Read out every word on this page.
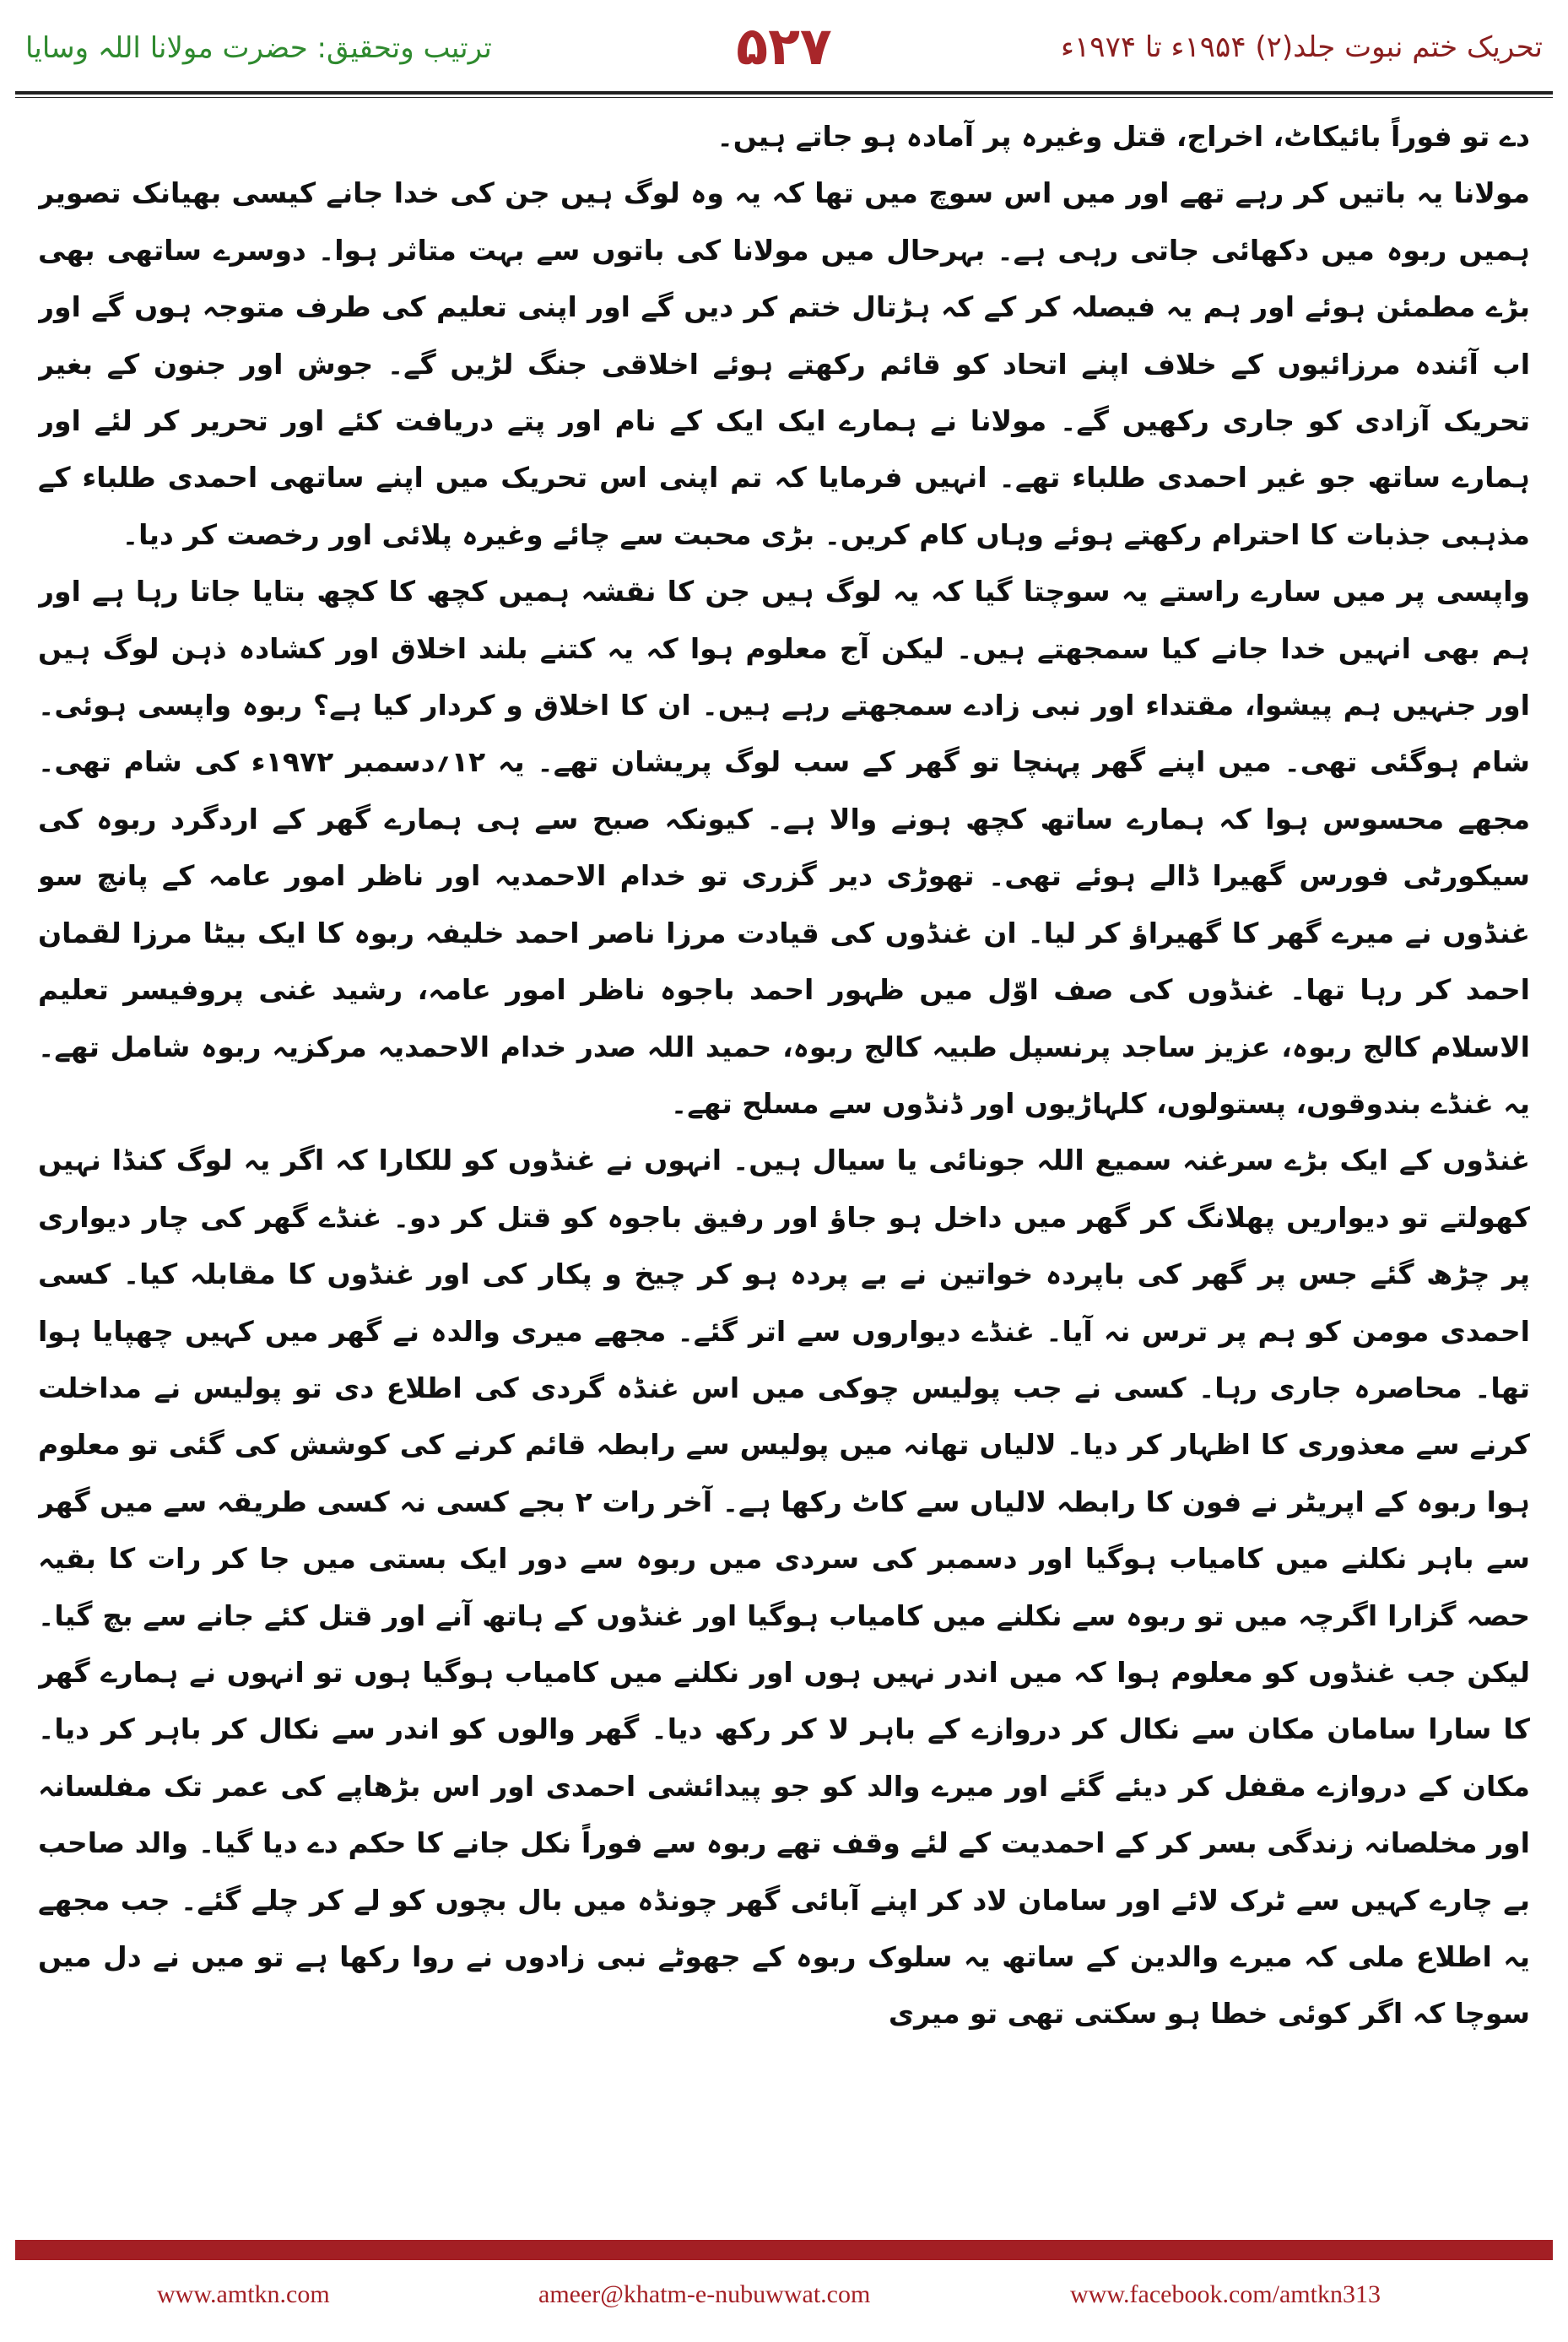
ترتیب وتحقیق: حضرت مولانا اللہ وسایا	۵۲۷	تحریک ختم نبوت جلد(۲) ۱۹۵۴ء تا ۱۹۷۴ء

دے تو فوراً بائیکاٹ، اخراج، قتل وغیرہ پر آمادہ ہو جاتے ہیں۔

مولانا یہ باتیں کر رہے تھے اور میں اس سوچ میں تھا کہ یہ وہ لوگ ہیں جن کی خدا جانے کیسی بھیانک تصویر ہمیں ربوہ میں دکھائی جاتی رہی ہے۔ بہرحال میں مولانا کی باتوں سے بہت متاثر ہوا۔ دوسرے ساتھی بھی بڑے مطمئن ہوئے اور ہم یہ فیصلہ کر کے کہ ہڑتال ختم کر دیں گے اور اپنی تعلیم کی طرف متوجہ ہوں گے اور اب آئندہ مرزائیوں کے خلاف اپنے اتحاد کو قائم رکھتے ہوئے اخلاقی جنگ لڑیں گے۔ جوش اور جنون کے بغیر تحریک آزادی کو جاری رکھیں گے۔ مولانا نے ہمارے ایک ایک کے نام اور پتے دریافت کئے اور تحریر کر لئے اور ہمارے ساتھ جو غیر احمدی طلباء تھے۔ انہیں فرمایا کہ تم اپنی اس تحریک میں اپنے ساتھی احمدی طلباء کے مذہبی جذبات کا احترام رکھتے ہوئے وہاں کام کریں۔ بڑی محبت سے چائے وغیرہ پلائی اور رخصت کر دیا۔

واپسی پر میں سارے راستے یہ سوچتا گیا کہ یہ لوگ ہیں جن کا نقشہ ہمیں کچھ کا کچھ بتایا جاتا رہا ہے اور ہم بھی انہیں خدا جانے کیا سمجھتے ہیں۔ لیکن آج معلوم ہوا کہ یہ کتنے بلند اخلاق اور کشادہ ذہن لوگ ہیں اور جنہیں ہم پیشوا، مقتداء اور نبی زادے سمجھتے رہے ہیں۔ ان کا اخلاق و کردار کیا ہے؟ ربوہ واپسی ہوئی۔ شام ہوگئی تھی۔ میں اپنے گھر پہنچا تو گھر کے سب لوگ پریشان تھے۔ یہ ۱۲؍دسمبر ۱۹۷۲ء کی شام تھی۔ مجھے محسوس ہوا کہ ہمارے ساتھ کچھ ہونے والا ہے۔ کیونکہ صبح سے ہی ہمارے گھر کے اردگرد ربوہ کی سیکورٹی فورس گھیرا ڈالے ہوئے تھی۔ تھوڑی دیر گزری تو خدام الاحمدیہ اور ناظر امور عامہ کے پانچ سو غنڈوں نے میرے گھر کا گھیراؤ کر لیا۔ ان غنڈوں کی قیادت مرزا ناصر احمد خلیفہ ربوہ کا ایک بیٹا مرزا لقمان احمد کر رہا تھا۔ غنڈوں کی صف اوّل میں ظہور احمد باجوہ ناظر امور عامہ، رشید غنی پروفیسر تعلیم الاسلام کالج ربوہ، عزیز ساجد پرنسپل طبیہ کالج ربوہ، حمید اللہ صدر خدام الاحمدیہ مرکزیہ ربوہ شامل تھے۔ یہ غنڈے بندوقوں، پستولوں، کلہاڑیوں اور ڈنڈوں سے مسلح تھے۔

غنڈوں کے ایک بڑے سرغنہ سمیع اللہ جونائی یا سیال ہیں۔ انہوں نے غنڈوں کو للکارا کہ اگر یہ لوگ کنڈا نہیں کھولتے تو دیواریں پھلانگ کر گھر میں داخل ہو جاؤ اور رفیق باجوہ کو قتل کر دو۔ غنڈے گھر کی چار دیواری پر چڑھ گئے جس پر گھر کی باپردہ خواتین نے بے پردہ ہو کر چیخ و پکار کی اور غنڈوں کا مقابلہ کیا۔ کسی احمدی مومن کو ہم پر ترس نہ آیا۔ غنڈے دیواروں سے اتر گئے۔ مجھے میری والدہ نے گھر میں کہیں چھپایا ہوا تھا۔ محاصرہ جاری رہا۔ کسی نے جب پولیس چوکی میں اس غنڈہ گردی کی اطلاع دی تو پولیس نے مداخلت کرنے سے معذوری کا اظہار کر دیا۔ لالیاں تھانہ میں پولیس سے رابطہ قائم کرنے کی کوشش کی گئی تو معلوم ہوا ربوہ کے اپریٹر نے فون کا رابطہ لالیاں سے کاٹ رکھا ہے۔ آخر رات ۲ بجے کسی نہ کسی طریقہ سے میں گھر سے باہر نکلنے میں کامیاب ہوگیا اور دسمبر کی سردی میں ربوہ سے دور ایک بستی میں جا کر رات کا بقیہ حصہ گزارا اگرچہ میں تو ربوہ سے نکلنے میں کامیاب ہوگیا اور غنڈوں کے ہاتھ آنے اور قتل کئے جانے سے بچ گیا۔ لیکن جب غنڈوں کو معلوم ہوا کہ میں اندر نہیں ہوں اور نکلنے میں کامیاب ہوگیا ہوں تو انہوں نے ہمارے گھر کا سارا سامان مکان سے نکال کر دروازے کے باہر لا کر رکھ دیا۔ گھر والوں کو اندر سے نکال کر باہر کر دیا۔ مکان کے دروازے مقفل کر دیئے گئے اور میرے والد کو جو پیدائشی احمدی اور اس بڑھاپے کی عمر تک مفلسانہ اور مخلصانہ زندگی بسر کر کے احمدیت کے لئے وقف تھے ربوہ سے فوراً نکل جانے کا حکم دے دیا گیا۔ والد صاحب بے چارے کہیں سے ٹرک لائے اور سامان لاد کر اپنے آبائی گھر چونڈہ میں بال بچوں کو لے کر چلے گئے۔ جب مجھے یہ اطلاع ملی کہ میرے والدین کے ساتھ یہ سلوک ربوہ کے جھوٹے نبی زادوں نے روا رکھا ہے تو میں نے دل میں سوچا کہ اگر کوئی خطا ہو سکتی تھی تو میری

www.amtkn.com	ameer@khatm-e-nubuwwat.com	www.facebook.com/amtkn313
